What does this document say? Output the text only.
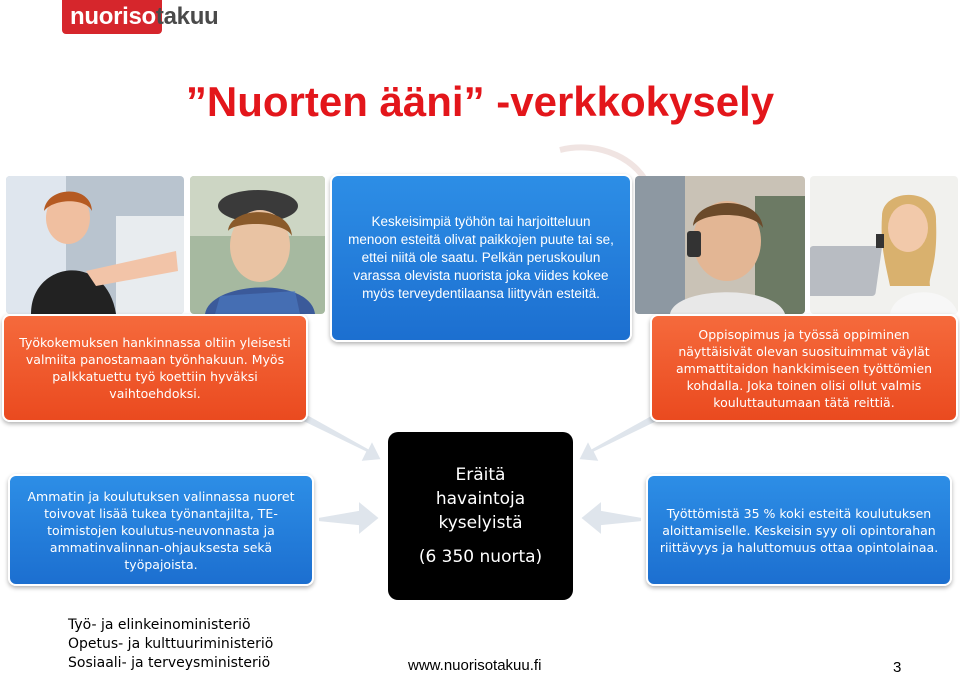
nuorisotakuu
”Nuorten ääni” -verkkokysely
Keskeisimpiä työhön tai harjoitteluun menoon esteitä olivat paikkojen puute tai se, ettei niitä ole saatu. Pelkän peruskoulun varassa olevista nuorista joka viides kokee myös terveydentilaansa liittyvän esteitä.
Työkokemuksen hankinnassa oltiin yleisesti valmiita panostamaan työnhakuun. Myös palkkatuettu työ koettiin hyväksi vaihtoehdoksi.
Oppisopimus ja työssä oppiminen näyttäisivät olevan suosituimmat väylät ammattitaidon hankkimiseen työttömien kohdalla. Joka toinen olisi ollut valmis kouluttautumaan tätä reittiä.
Ammatin ja koulutuksen valinnassa nuoret toivovat lisää tukea työnantajilta, TE-toimistojen koulutus-neuvonnasta ja ammatinvalinnan-ohjauksesta sekä työpajoista.
Työttömistä 35 % koki esteitä koulutuksen aloittamiselle. Keskeisin syy oli opintorahan riittävyys ja haluttomuus ottaa opintolainaa.
Eräitä
havaintoja
kyselyistä
(6 350 nuorta)
Työ- ja elinkeinoministeriö
Opetus- ja kulttuuriministeriö
Sosiaali- ja terveysministeriö	www.nuorisotakuu.fi	3
